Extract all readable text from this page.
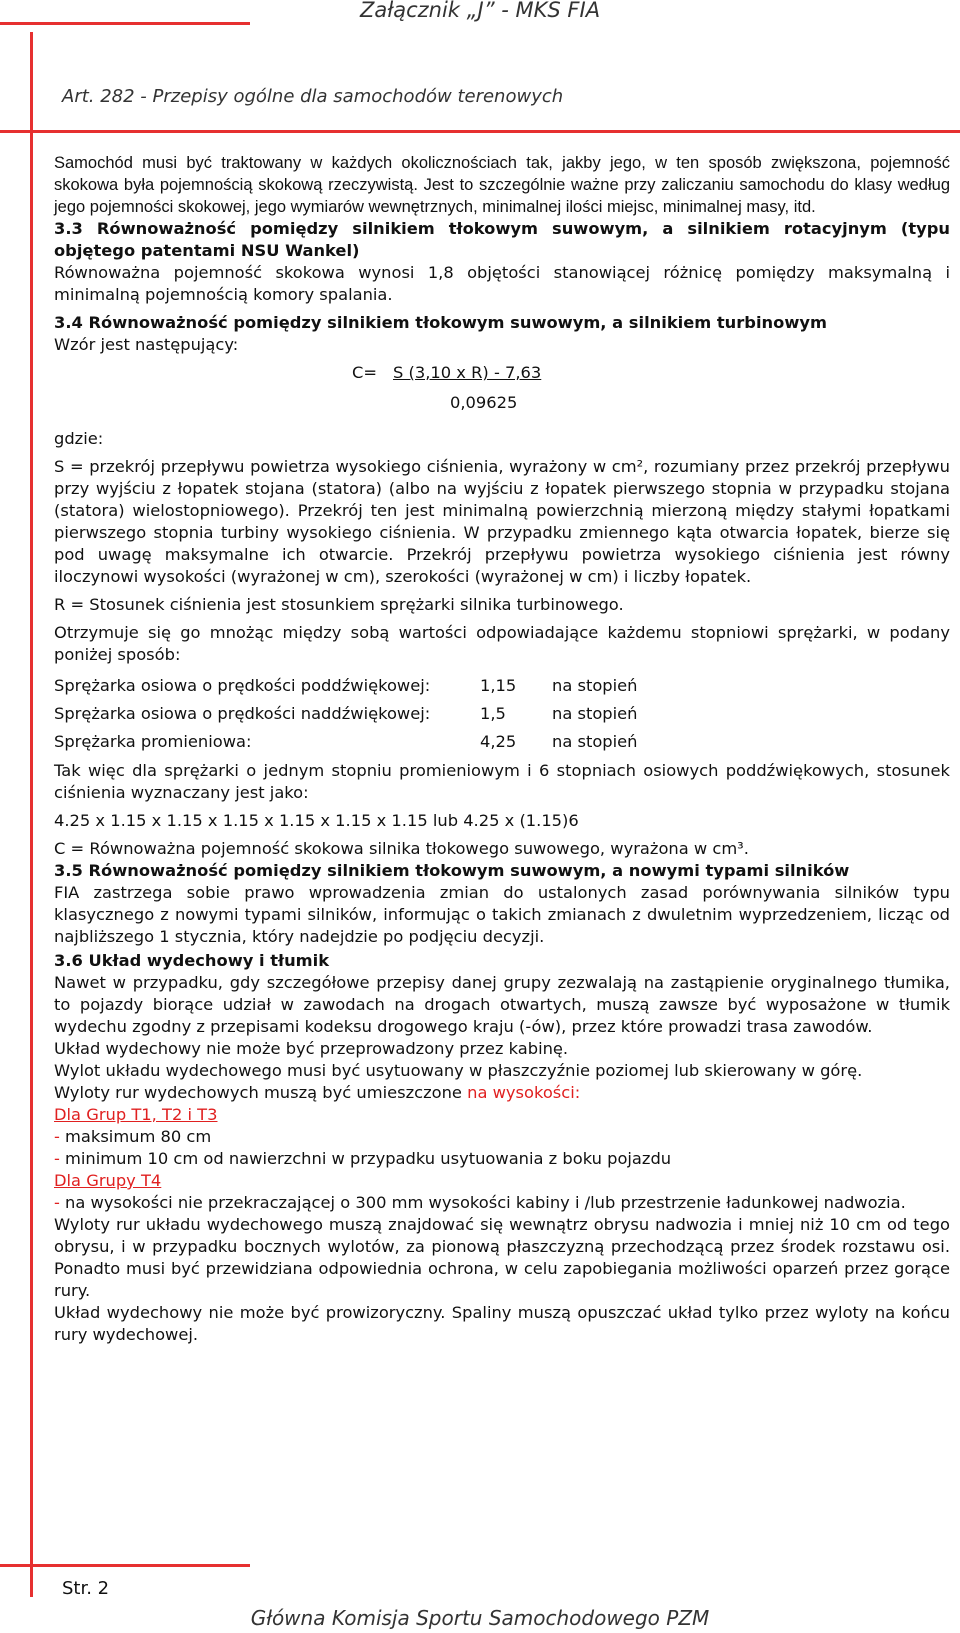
Załącznik „J” - MKS FIA
Art. 282 - Przepisy ogólne dla samochodów terenowych

Samochód musi być traktowany w każdych okolicznościach tak, jakby jego, w ten sposób zwiększona, pojemność skokowa była pojemnością skokową rzeczywistą. Jest to szczególnie ważne przy zaliczaniu samochodu do klasy według jego pojemności skokowej, jego wymiarów wewnętrznych, minimalnej ilości miejsc, minimalnej masy, itd.

3.3 Równoważność pomiędzy silnikiem tłokowym suwowym, a silnikiem rotacyjnym (typu objętego patentami NSU Wankel)

Równoważna pojemność skokowa wynosi 1,8 objętości stanowiącej różnicę pomiędzy maksymalną i minimalną pojemnością komory spalania.

3.4 Równoważność pomiędzy silnikiem tłokowym suwowym, a silnikiem turbinowym

Wzór jest następujący:

C= S (3,10 x R) - 7,63
0,09625

gdzie:

S = przekrój przepływu powietrza wysokiego ciśnienia, wyrażony w cm², rozumiany przez przekrój przepływu przy wyjściu z łopatek stojana (statora) (albo na wyjściu z łopatek pierwszego stopnia w przypadku stojana (statora) wielostopniowego). Przekrój ten jest minimalną powierzchnią mierzoną między stałymi łopatkami pierwszego stopnia turbiny wysokiego ciśnienia. W przypadku zmiennego kąta otwarcia łopatek, bierze się pod uwagę maksymalne ich otwarcie. Przekrój przepływu powietrza wysokiego ciśnienia jest równy iloczynowi wysokości (wyrażonej w cm), szerokości (wyrażonej w cm) i liczby łopatek.

R = Stosunek ciśnienia jest stosunkiem sprężarki silnika turbinowego.

Otrzymuje się go mnożąc między sobą wartości odpowiadające każdemu stopniowi sprężarki, w podany poniżej sposób:

Sprężarka osiowa o prędkości poddźwiękowej:	1,15	na stopień
Sprężarka osiowa o prędkości naddźwiękowej:	1,5	na stopień
Sprężarka promieniowa:	4,25	na stopień

Tak więc dla sprężarki o jednym stopniu promieniowym i 6 stopniach osiowych poddźwiękowych, stosunek ciśnienia wyznaczany jest jako:

4.25 x 1.15 x 1.15 x 1.15 x 1.15 x 1.15 x 1.15 lub 4.25 x (1.15)6

C = Równoważna pojemność skokowa silnika tłokowego suwowego, wyrażona w cm³.

3.5 Równoważność pomiędzy silnikiem tłokowym suwowym, a nowymi typami silników

FIA zastrzega sobie prawo wprowadzenia zmian do ustalonych zasad porównywania silników typu klasycznego z nowymi typami silników, informując o takich zmianach z dwuletnim wyprzedzeniem, licząc od najbliższego 1 stycznia, który nadejdzie po podjęciu decyzji.

3.6 Układ wydechowy i tłumik

Nawet w przypadku, gdy szczegółowe przepisy danej grupy zezwalają na zastąpienie oryginalnego tłumika, to pojazdy biorące udział w zawodach na drogach otwartych, muszą zawsze być wyposażone w tłumik wydechu zgodny z przepisami kodeksu drogowego kraju (-ów), przez które prowadzi trasa zawodów.

Układ wydechowy nie może być przeprowadzony przez kabinę.

Wylot układu wydechowego musi być usytuowany w płaszczyźnie poziomej lub skierowany w górę.

Wyloty rur wydechowych muszą być umieszczone na wysokości:

Dla Grup T1, T2 i T3

- maksimum 80 cm

- minimum 10 cm od nawierzchni w przypadku usytuowania z boku pojazdu

Dla Grupy T4

- na wysokości nie przekraczającej o 300 mm wysokości kabiny i /lub przestrzenie ładunkowej nadwozia.

Wyloty rur układu wydechowego muszą znajdować się wewnątrz obrysu nadwozia i mniej niż 10 cm od tego obrysu, i w przypadku bocznych wylotów, za pionową płaszczyzną przechodzącą przez środek rozstawu osi. Ponadto musi być przewidziana odpowiednia ochrona, w celu zapobiegania możliwości oparzeń przez gorące rury.

Układ wydechowy nie może być prowizoryczny. Spaliny muszą opuszczać układ tylko przez wyloty na końcu rury wydechowej.

Str. 2
Główna Komisja Sportu Samochodowego PZM
